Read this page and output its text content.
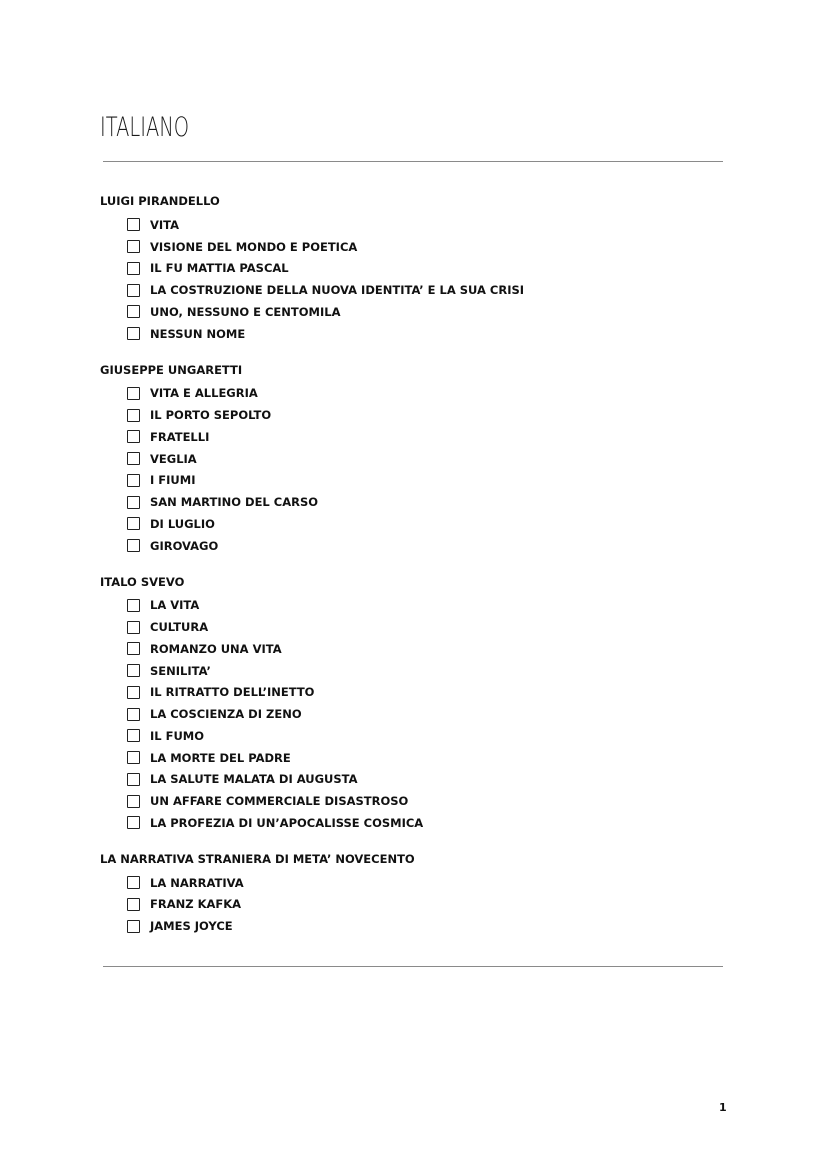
ITALIANO
LUIGI PIRANDELLO
VITA
VISIONE DEL MONDO E POETICA
IL FU MATTIA PASCAL
LA COSTRUZIONE DELLA NUOVA IDENTITA’ E LA SUA CRISI
UNO, NESSUNO E CENTOMILA
NESSUN NOME
GIUSEPPE UNGARETTI
VITA E ALLEGRIA
IL PORTO SEPOLTO
FRATELLI
VEGLIA
I FIUMI
SAN MARTINO DEL CARSO
DI LUGLIO
GIROVAGO
ITALO SVEVO
LA VITA
CULTURA
ROMANZO UNA VITA
SENILITA’
IL RITRATTO DELL’INETTO
LA COSCIENZA DI ZENO
IL FUMO
LA MORTE DEL PADRE
LA SALUTE MALATA DI AUGUSTA
UN AFFARE COMMERCIALE DISASTROSO
LA PROFEZIA DI UN’APOCALISSE COSMICA
LA NARRATIVA STRANIERA DI META’ NOVECENTO
LA NARRATIVA
FRANZ KAFKA
JAMES JOYCE
1
